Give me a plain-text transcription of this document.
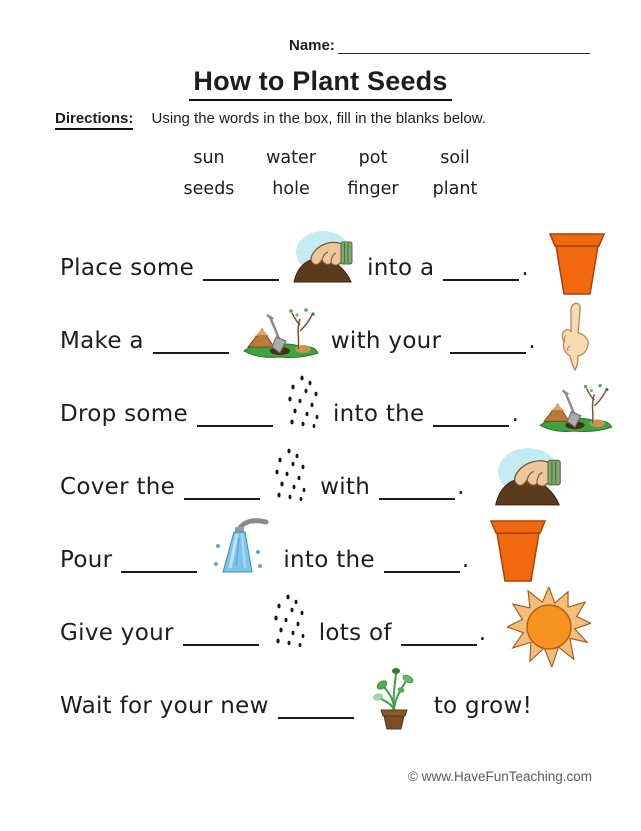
Name:
How to Plant Seeds
Directions: Using the words in the box, fill in the blanks below.
sun	water	pot	soil
seeds	hole	finger	plant
Place some	into a	.
Make a	with your	.
Drop some	into the	.
Cover the	with	.
Pour	into the	.
Give your	lots of	.
Wait for your new	to grow!
© www.HaveFunTeaching.com
